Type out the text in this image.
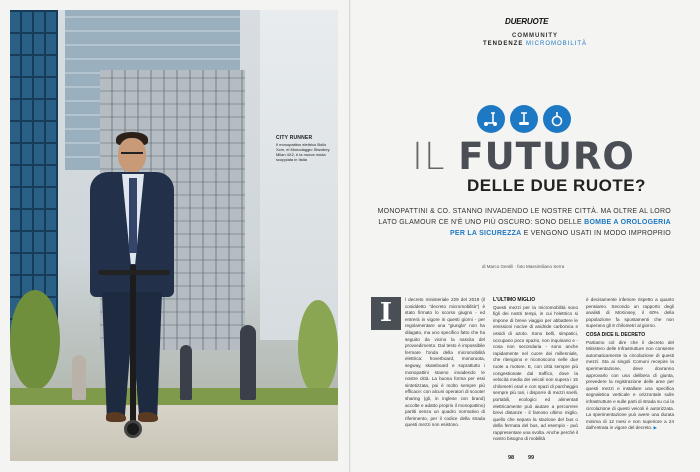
CITY RUNNER
Il monopattino elettrico Bollo Xcm, el Monodaggio Stwolkey Milan 4X2, è la nuova moda scoppiata in Italia
DUERUOTE
COMMUNITY
TENDENZE MICROMOBILITÀ
IL FUTURO
DELLE DUE RUOTE?
MONOPATTINI & CO. STANNO INVADENDO LE NOSTRE CITTÀ. MA OLTRE AL LORO LATO GLAMOUR CE N'È UNO PIÙ OSCURO: SONO DELLE BOMBE A OROLOGERIA PER LA SICUREZZA E VENGONO USATI IN MODO IMPROPRIO
di Marco Gentili · foto Massimiliano Serra
I	l decreto ministeriale 229 del 2019 (il cosiddetto "decreto micromobilità") è stato firmato lo scorso giugno - ed entrerà in vigore in questi giorni - per regolamentare una "giungla" non ha dilagato, ma uno specifico fatto che ha seguito da vicino la nascita del provvedimento. Dal testo è impossibile fermare l'onda della micromobilità elettrica: hoverboard, monoruota, segway, skateboard e soprattutto i monopattini stanno invadendo le nostre città. La buona forma per essi sintetizzata, poi è molto sempre più efficace: con alcuni operatori di scooter sharing (gli, in inglese con brand) accolte e adatto proprio il monopattino) partiti senza un quadro normativo di riferimento, per il codice della strada questi mezzi non esistono.

L'ULTIMO MIGLIO

Questi mezzi per la micromobilità sono figli dei nostri tempi, in cui l'elettrico si impone di breve viaggio per abbattere le emissioni nocive di anidride carbonica e ossidi di azoto. Sono belli, simpatici, occupano poco spazio, non inquinano e - cosa non secondaria - sono anche rapidamente nel cuore dei millennials, che ritengono e riconoscono nelle due ruote a motore. E, con città sempre più congestionate dal traffico, dove la velocità media dei veicoli non supera i 15 chilometri orari e con spazi di parcheggio sempre più rari, i disporre di mezzi snelli, portabili, ecologici ed alimentati elettricamente può aiutare a percorrere brevi distanze - il famoso ultimo miglio, quello che separa la stazione del bus o della fermata del bus, ad esempio - può rappresentare una svolta. Anche perché il nostro bisogno di mobilità

è decisamente inferiore rispetto a quanto pensiamo. Secondo un rapporto degli analisti di McKinsey, il 60% della popolazione fa spostamenti che non superano gli 8 chilometri al giorno.

COSA DICE IL DECRETO

Partiamo col dire che il decreto del Ministero delle Infrastrutture non consente automaticamente la circolazione di questi mezzi. Sta ai singoli Comuni recepire la sperimentazione, deve dovranno approvarlo con una delibera di giunta, prevedere la registrazione delle aree per questi mezzi e installare una specifica segnaletica verticale e orizzontale sulle infrastrutture e sulle parti di strada su cui la circolazione di questi veicoli è autorizzata. La sperimentazione può avere una durata minima di 12 mesi e non superiore a 24 dall'entrata in vigore del decreto. ▶

98	99
